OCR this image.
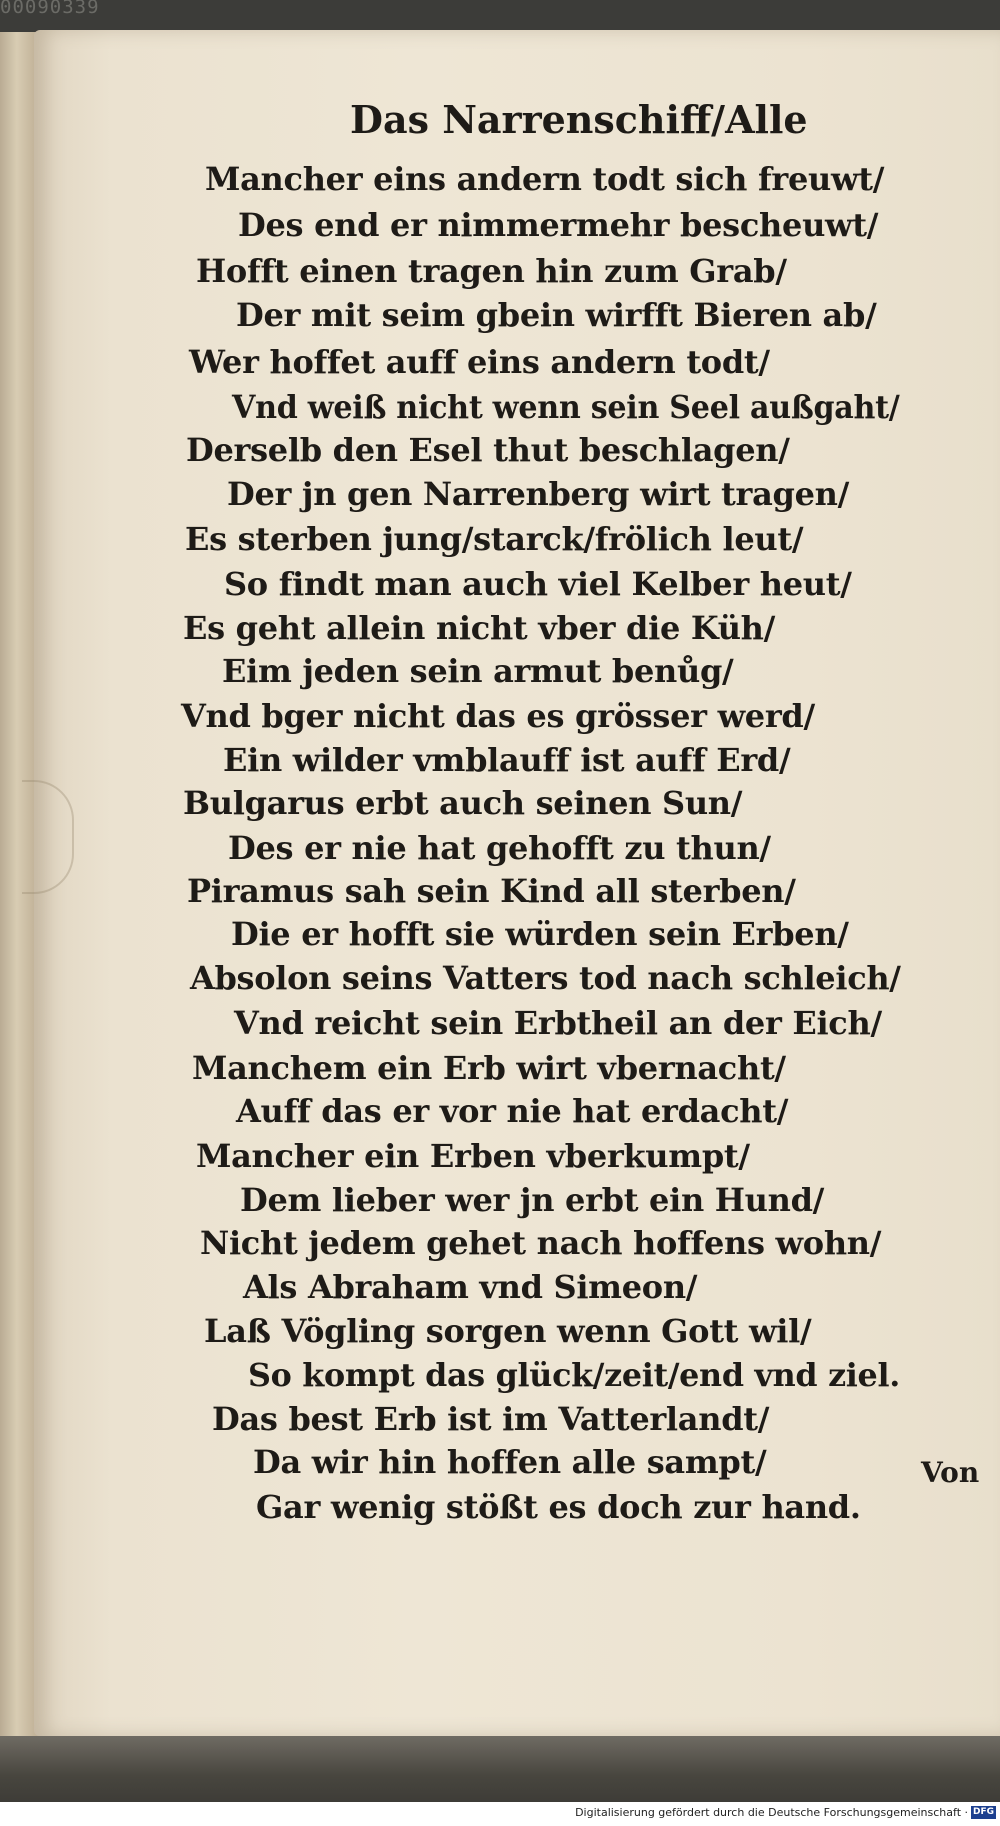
00090339
Das Narrenschiff/Alle
Mancher eins andern todt sich freuwt/
Des end er nimmermehr bescheuwt/
Hofft einen tragen hin zum Grab/
Der mit seim gbein wirfft Bieren ab/
Wer hoffet auff eins andern todt/
Vnd weiß nicht wenn sein Seel außgaht/
Derselb den Esel thut beschlagen/
Der jn gen Narrenberg wirt tragen/
Es sterben jung/starck/frölich leut/
So findt man auch viel Kelber heut/
Es geht allein nicht vber die Küh/
Eim jeden sein armut benůg/
Vnd bger nicht das es grösser werd/
Ein wilder vmblauff ist auff Erd/
Bulgarus erbt auch seinen Sun/
Des er nie hat gehofft zu thun/
Piramus sah sein Kind all sterben/
Die er hofft sie würden sein Erben/
Absolon seins Vatters tod nach schleich/
Vnd reicht sein Erbtheil an der Eich/
Manchem ein Erb wirt vbernacht/
Auff das er vor nie hat erdacht/
Mancher ein Erben vberkumpt/
Dem lieber wer jn erbt ein Hund/
Nicht jedem gehet nach hoffens wohn/
Als Abraham vnd Simeon/
Laß Vögling sorgen wenn Gott wil/
So kompt das glück/zeit/end vnd ziel.
Das best Erb ist im Vatterlandt/
Da wir hin hoffen alle sampt/
Gar wenig stößt es doch zur hand.
Von
Digitalisierung gefördert durch die Deutsche Forschungsgemeinschaft · DFG
